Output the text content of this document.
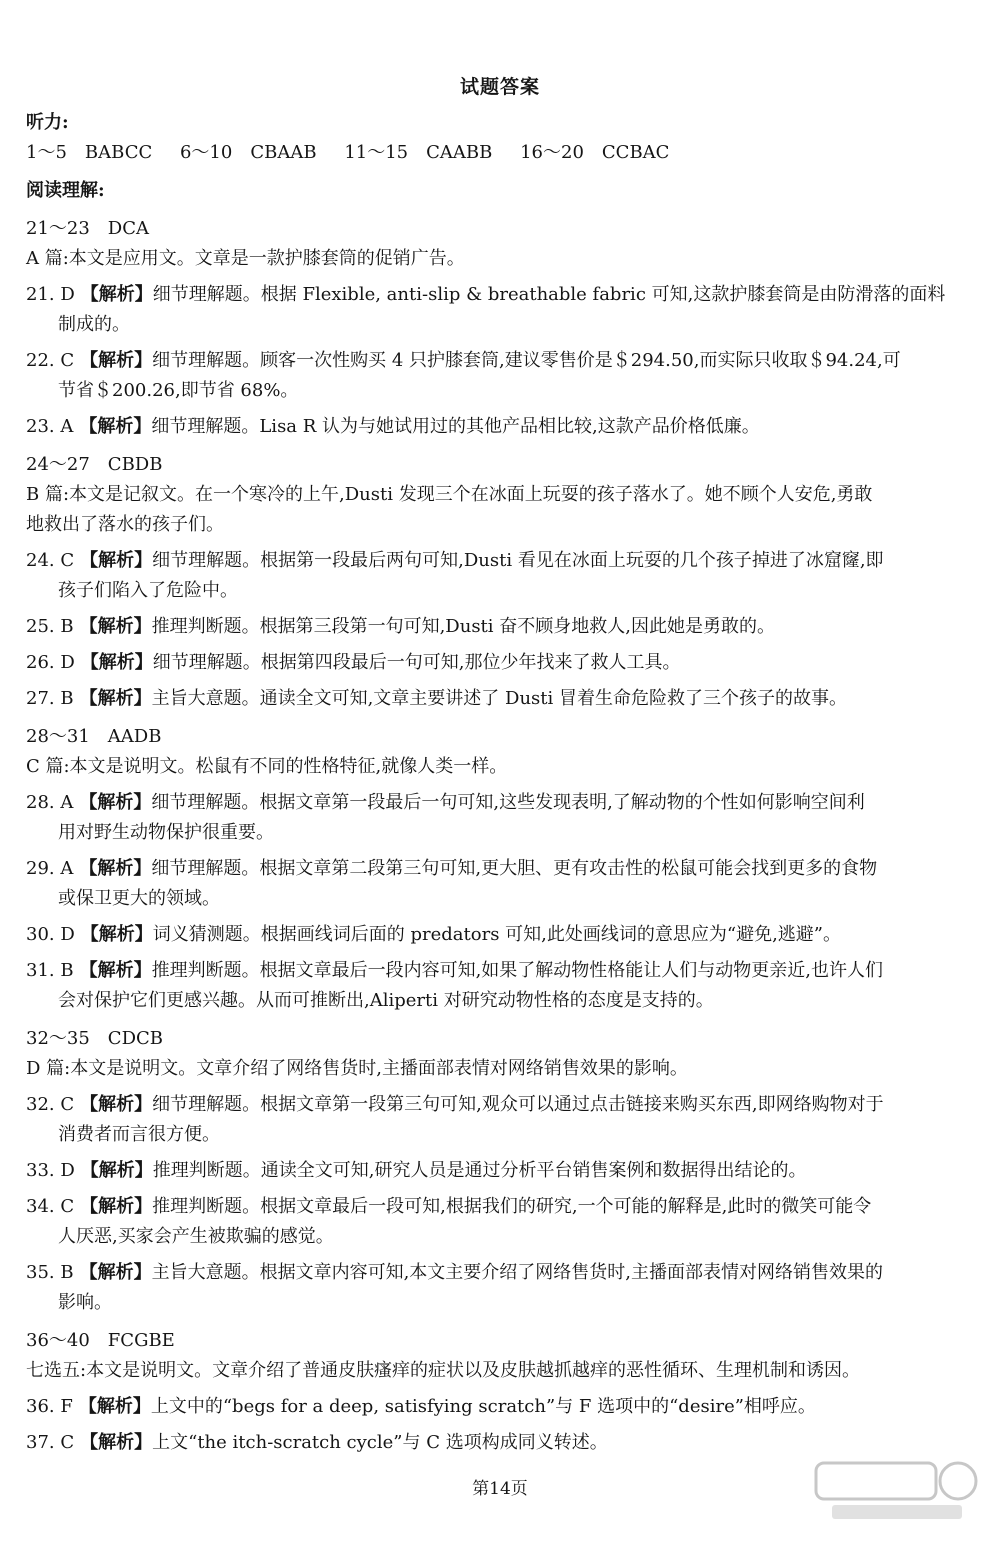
试题答案
听力:
1～5　BABCC 6～10　CBAAB 11～15　CAABB 16～20　CCBAC
阅读理解:
21～23　DCA
A 篇:本文是应用文。文章是一款护膝套筒的促销广告。
21. D 【解析】细节理解题。根据 Flexible, anti-slip & breathable fabric 可知,这款护膝套筒是由防滑落的面料
制成的。
22. C 【解析】细节理解题。顾客一次性购买 4 只护膝套筒,建议零售价是＄294.50,而实际只收取＄94.24,可
节省＄200.26,即节省 68%。
23. A 【解析】细节理解题。Lisa R 认为与她试用过的其他产品相比较,这款产品价格低廉。
24～27　CBDB
B 篇:本文是记叙文。在一个寒冷的上午,Dusti 发现三个在冰面上玩耍的孩子落水了。她不顾个人安危,勇敢
地救出了落水的孩子们。
24. C 【解析】细节理解题。根据第一段最后两句可知,Dusti 看见在冰面上玩耍的几个孩子掉进了冰窟窿,即
孩子们陷入了危险中。
25. B 【解析】推理判断题。根据第三段第一句可知,Dusti 奋不顾身地救人,因此她是勇敢的。
26. D 【解析】细节理解题。根据第四段最后一句可知,那位少年找来了救人工具。
27. B 【解析】主旨大意题。通读全文可知,文章主要讲述了 Dusti 冒着生命危险救了三个孩子的故事。
28～31　AADB
C 篇:本文是说明文。松鼠有不同的性格特征,就像人类一样。
28. A 【解析】细节理解题。根据文章第一段最后一句可知,这些发现表明,了解动物的个性如何影响空间利
用对野生动物保护很重要。
29. A 【解析】细节理解题。根据文章第二段第三句可知,更大胆、更有攻击性的松鼠可能会找到更多的食物
或保卫更大的领域。
30. D 【解析】词义猜测题。根据画线词后面的 predators 可知,此处画线词的意思应为“避免,逃避”。
31. B 【解析】推理判断题。根据文章最后一段内容可知,如果了解动物性格能让人们与动物更亲近,也许人们
会对保护它们更感兴趣。从而可推断出,Aliperti 对研究动物性格的态度是支持的。
32～35　CDCB
D 篇:本文是说明文。文章介绍了网络售货时,主播面部表情对网络销售效果的影响。
32. C 【解析】细节理解题。根据文章第一段第三句可知,观众可以通过点击链接来购买东西,即网络购物对于
消费者而言很方便。
33. D 【解析】推理判断题。通读全文可知,研究人员是通过分析平台销售案例和数据得出结论的。
34. C 【解析】推理判断题。根据文章最后一段可知,根据我们的研究,一个可能的解释是,此时的微笑可能令
人厌恶,买家会产生被欺骗的感觉。
35. B 【解析】主旨大意题。根据文章内容可知,本文主要介绍了网络售货时,主播面部表情对网络销售效果的
影响。
36～40　FCGBE
七选五:本文是说明文。文章介绍了普通皮肤瘙痒的症状以及皮肤越抓越痒的恶性循环、生理机制和诱因。
36. F 【解析】上文中的“begs for a deep, satisfying scratch”与 F 选项中的“desire”相呼应。
37. C 【解析】上文“the itch-scratch cycle”与 C 选项构成同义转述。
第14页
